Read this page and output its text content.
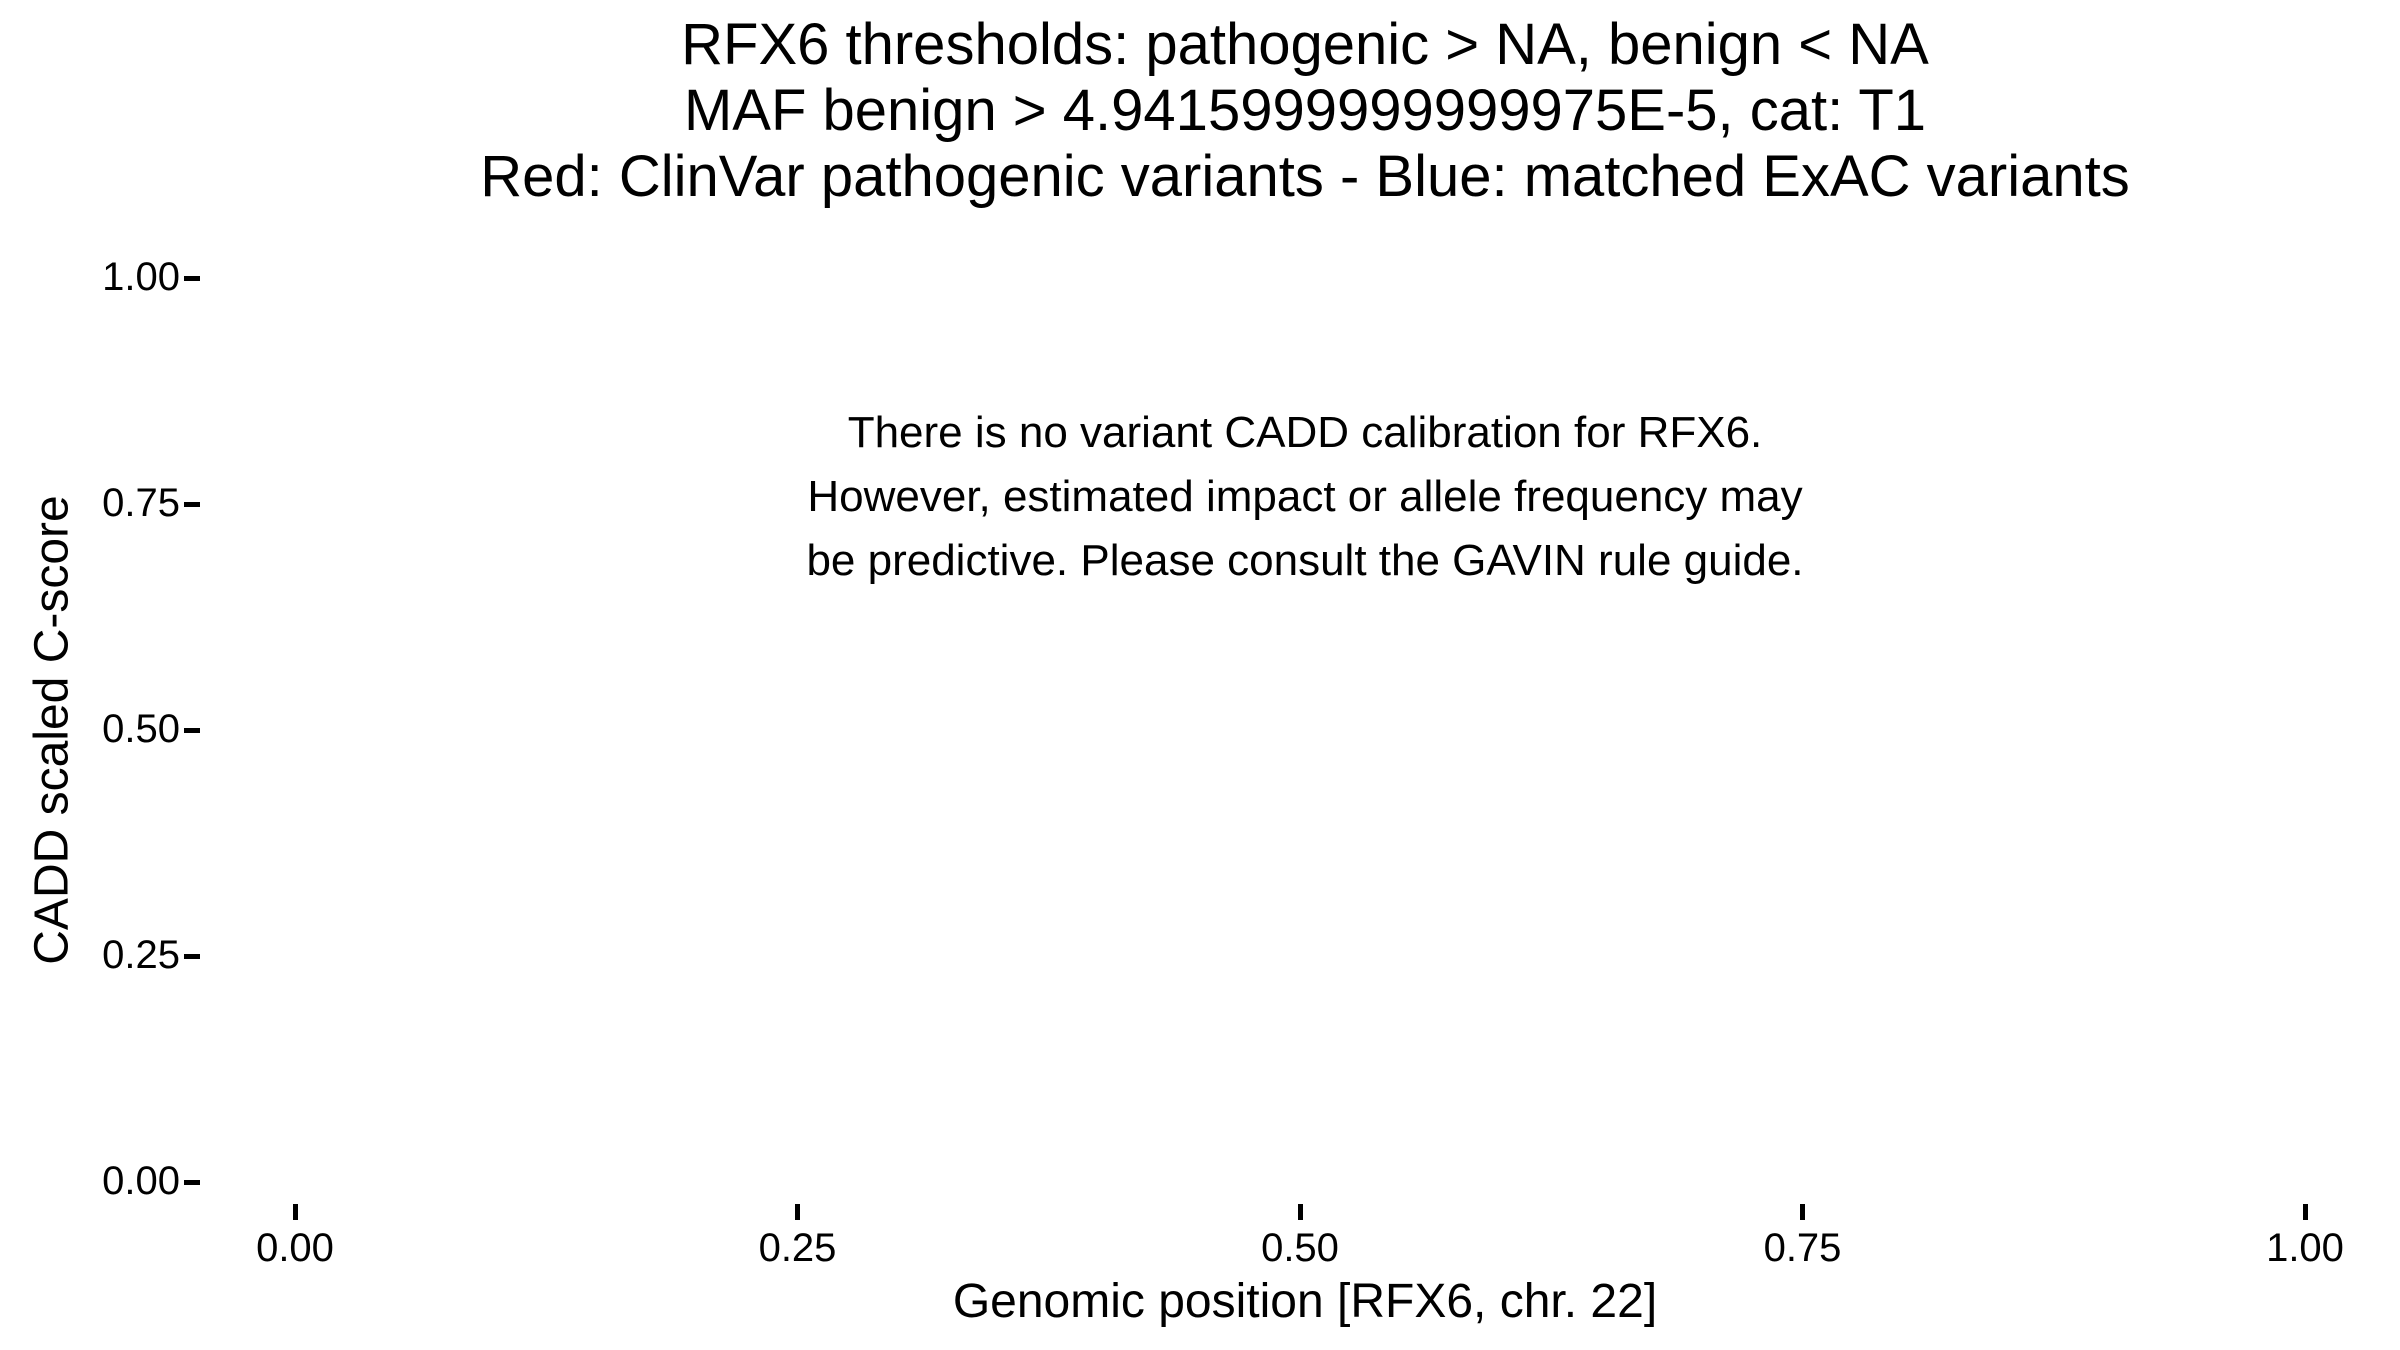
RFX6 thresholds: pathogenic > NA, benign < NA
MAF benign > 4.9415999999999975E-5, cat: T1
Red: ClinVar pathogenic variants - Blue: matched ExAC variants
CADD scaled C-score
There is no variant CADD calibration for RFX6.
However, estimated impact or allele frequency may
be predictive. Please consult the GAVIN rule guide.
0.00
0.25
0.50
0.75
1.00
0.00	0.25	0.50	0.75	1.00
Genomic position [RFX6, chr. 22]
